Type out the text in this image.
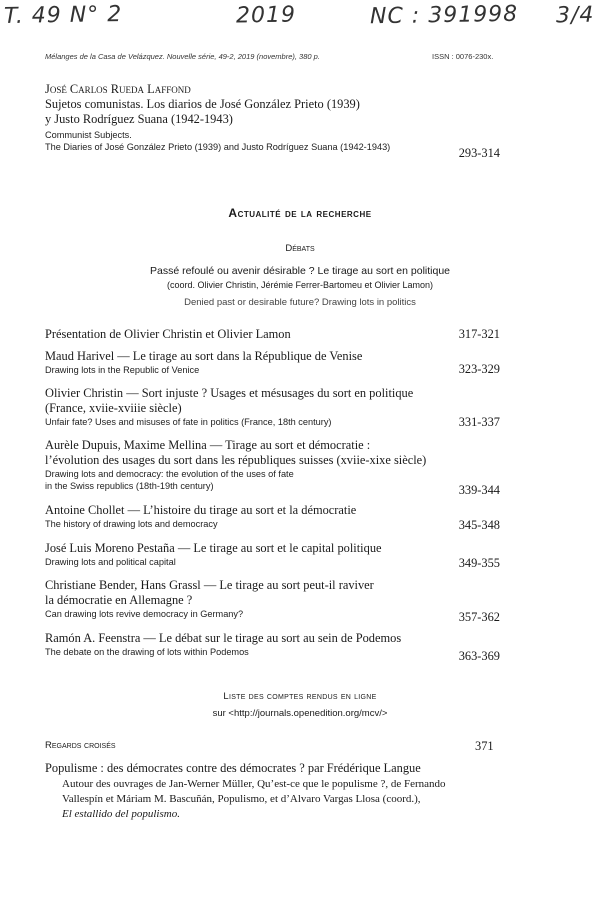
T. 49 N° 2	2019	NC : 391998 3/4
Mélanges de la Casa de Velázquez. Nouvelle série, 49-2, 2019 (novembre), 380 p.	ISSN : 0076-230x.
José Carlos Rueda Laffond
Sujetos comunistas. Los diarios de José González Prieto (1939)
y Justo Rodríguez Suana (1942-1943)
Communist Subjects.
The Diaries of José González Prieto (1939) and Justo Rodríguez Suana (1942-1943)	293-314
Actualité de la recherche
Débats
Passé refoulé ou avenir désirable ? Le tirage au sort en politique
(coord. Olivier Christin, Jérémie Ferrer-Bartomeu et Olivier Lamon)
Denied past or desirable future? Drawing lots in politics
Présentation de Olivier Christin et Olivier Lamon	317-321
Maud Harivel — Le tirage au sort dans la République de Venise
Drawing lots in the Republic of Venice	323-329
Olivier Christin — Sort injuste ? Usages et mésusages du sort en politique
(France, xviie-xviiie siècle)
Unfair fate? Uses and misuses of fate in politics (France, 18th century)	331-337
Aurèle Dupuis, Maxime Mellina — Tirage au sort et démocratie :
l’évolution des usages du sort dans les républiques suisses (xviie-xixe siècle)
Drawing lots and democracy: the evolution of the uses of fate
in the Swiss republics (18th-19th century)	339-344
Antoine Chollet — L’histoire du tirage au sort et la démocratie
The history of drawing lots and democracy	345-348
José Luis Moreno Pestaña — Le tirage au sort et le capital politique
Drawing lots and political capital	349-355
Christiane Bender, Hans Grassl — Le tirage au sort peut-il raviver
la démocratie en Allemagne ?
Can drawing lots revive democracy in Germany?	357-362
Ramón A. Feenstra — Le débat sur le tirage au sort au sein de Podemos
The debate on the drawing of lots within Podemos	363-369
Liste des comptes rendus en ligne
sur <http://journals.openedition.org/mcv/>
Regards croisés	371
Populisme : des démocrates contre des démocrates ? par Frédérique Langue
Autour des ouvrages de Jan-Werner Müller, Qu’est-ce que le populisme ?, de Fernando
Vallespín et Máriam M. Bascuñán, Populismo, et d’Alvaro Vargas Llosa (coord.),
El estallido del populismo.
